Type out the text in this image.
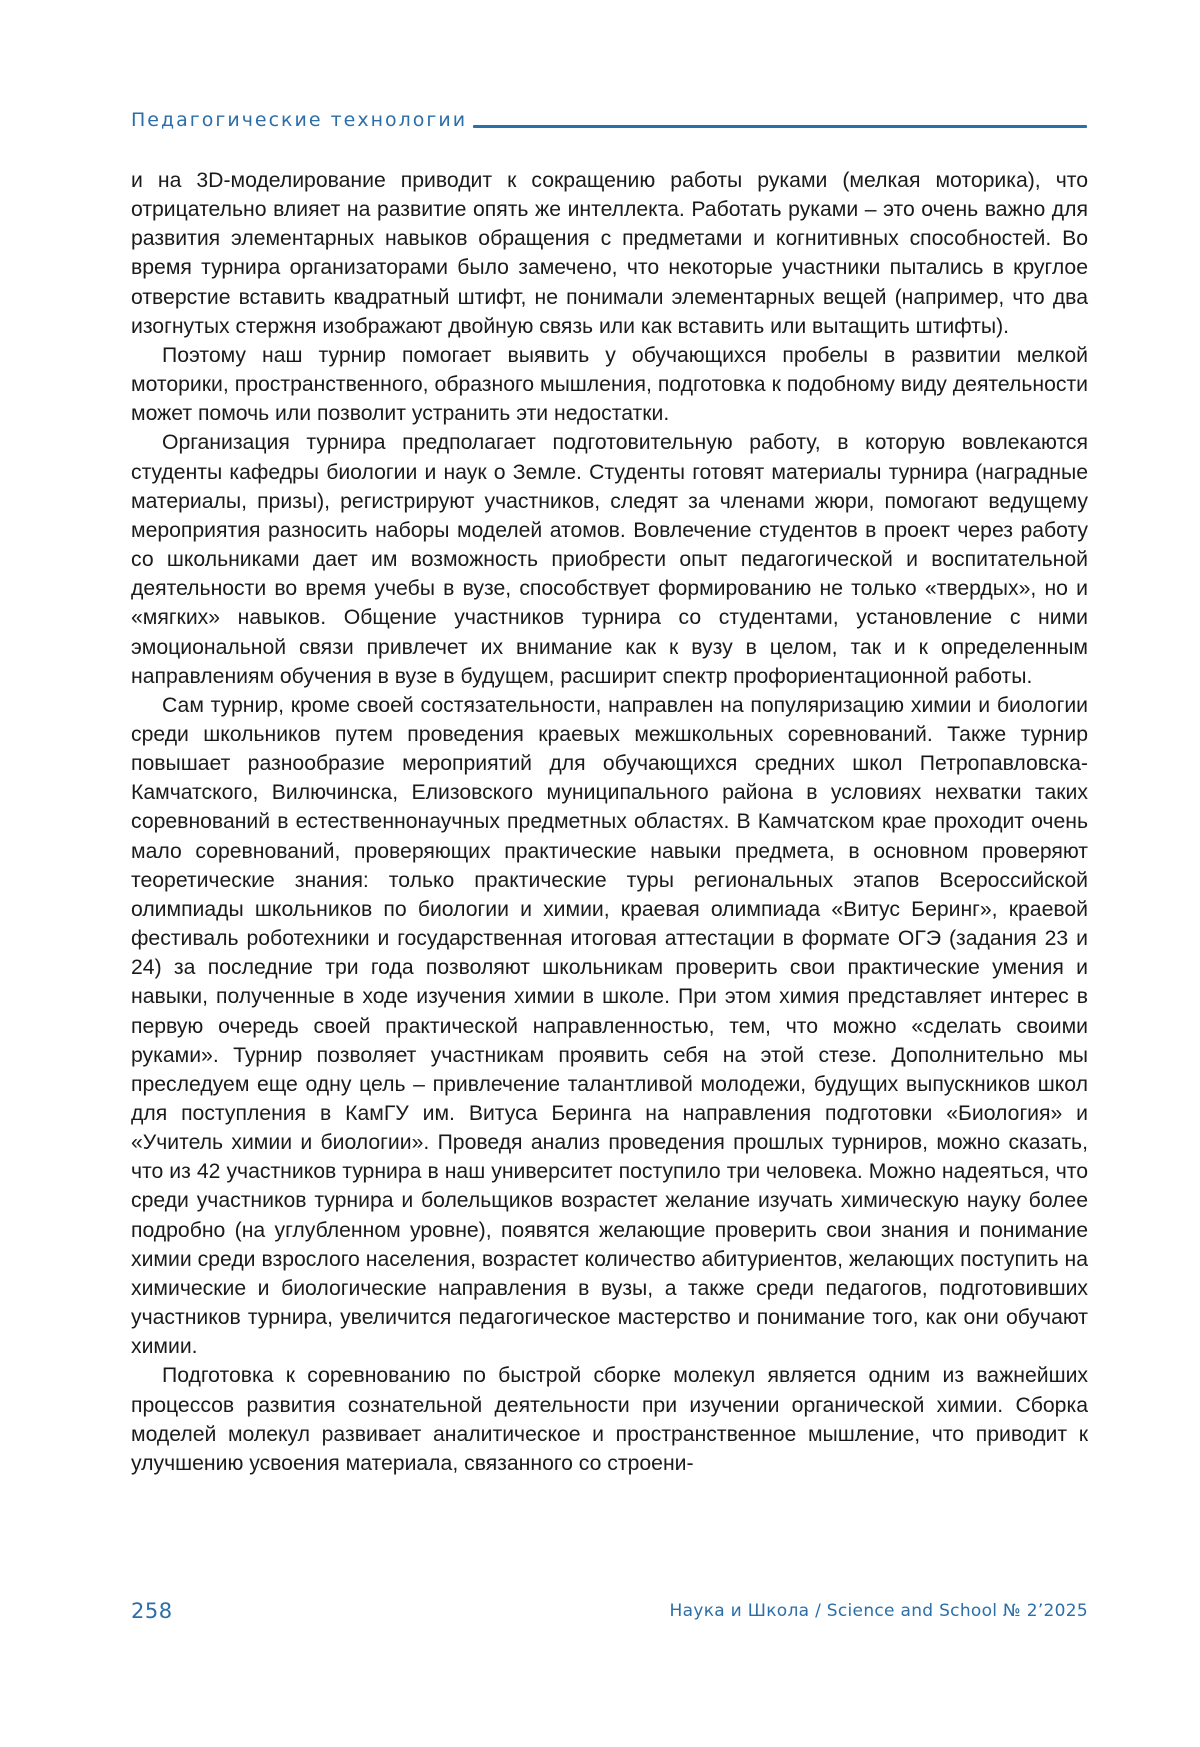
Педагогические технологии

и на 3D-моделирование приводит к сокращению работы руками (мелкая моторика), что отрицательно влияет на развитие опять же интеллекта. Работать руками – это очень важно для развития элементарных навыков обращения с предметами и когнитивных способностей. Во время турнира организаторами было замечено, что некоторые участники пытались в круглое отверстие вставить квадратный штифт, не понимали элементарных вещей (например, что два изогнутых стержня изображают двойную связь или как вставить или вытащить штифты).

Поэтому наш турнир помогает выявить у обучающихся пробелы в развитии мелкой моторики, пространственного, образного мышления, подготовка к подобному виду деятельности может помочь или позволит устранить эти недостатки.

Организация турнира предполагает подготовительную работу, в которую вовлекаются студенты кафедры биологии и наук о Земле. Студенты готовят материалы турнира (наградные материалы, призы), регистрируют участников, следят за членами жюри, помогают ведущему мероприятия разносить наборы моделей атомов. Вовлечение студентов в проект через работу со школьниками дает им возможность приобрести опыт педагогической и воспитательной деятельности во время учебы в вузе, способствует формированию не только «твердых», но и «мягких» навыков. Общение участников турнира со студентами, установление с ними эмоциональной связи привлечет их внимание как к вузу в целом, так и к определенным направлениям обучения в вузе в будущем, расширит спектр профориентационной работы.

Сам турнир, кроме своей состязательности, направлен на популяризацию химии и биологии среди школьников путем проведения краевых межшкольных соревнований. Также турнир повышает разнообразие мероприятий для обучающихся средних школ Петропавловска-Камчатского, Вилючинска, Елизовского муниципального района в условиях нехватки таких соревнований в естественнонаучных предметных областях. В Камчатском крае проходит очень мало соревнований, проверяющих практические навыки предмета, в основном проверяют теоретические знания: только практические туры региональных этапов Всероссийской олимпиады школьников по биологии и химии, краевая олимпиада «Витус Беринг», краевой фестиваль роботехники и государственная итоговая аттестации в формате ОГЭ (задания 23 и 24) за последние три года позволяют школьникам проверить свои практические умения и навыки, полученные в ходе изучения химии в школе. При этом химия представляет интерес в первую очередь своей практической направленностью, тем, что можно «сделать своими руками». Турнир позволяет участникам проявить себя на этой стезе. Дополнительно мы преследуем еще одну цель – привлечение талантливой молодежи, будущих выпускников школ для поступления в КамГУ им. Витуса Беринга на направления подготовки «Биология» и «Учитель химии и биологии». Проведя анализ проведения прошлых турниров, можно сказать, что из 42 участников турнира в наш университет поступило три человека. Можно надеяться, что среди участников турнира и болельщиков возрастет желание изучать химическую науку более подробно (на углубленном уровне), появятся желающие проверить свои знания и понимание химии среди взрослого населения, возрастет количество абитуриентов, желающих поступить на химические и биологические направления в вузы, а также среди педагогов, подготовивших участников турнира, увеличится педагогическое мастерство и понимание того, как они обучают химии.

Подготовка к соревнованию по быстрой сборке молекул является одним из важнейших процессов развития сознательной деятельности при изучении органической химии. Сборка моделей молекул развивает аналитическое и пространственное мышление, что приводит к улучшению усвоения материала, связанного со строени-

258	Наука и Школа / Science and School № 2’2025
